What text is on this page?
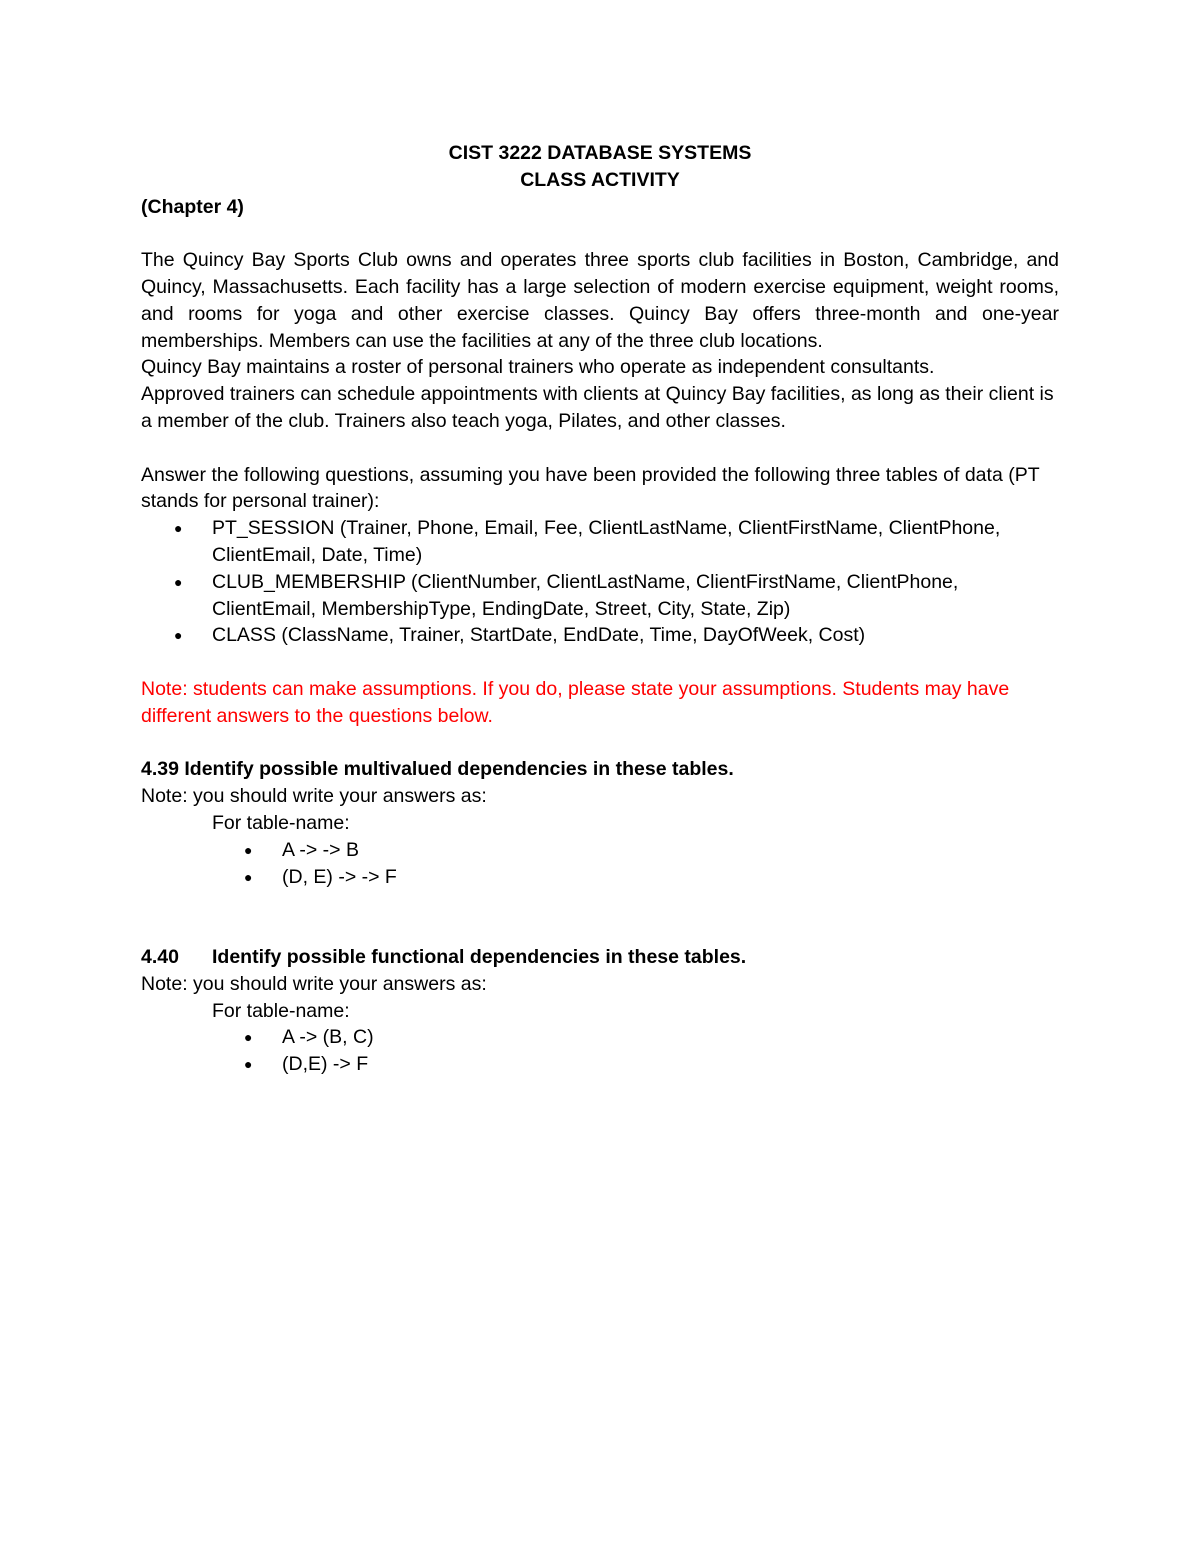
CIST 3222 DATABASE SYSTEMS

CLASS ACTIVITY

(Chapter 4)

The Quincy Bay Sports Club owns and operates three sports club facilities in Boston, Cambridge, and Quincy, Massachusetts. Each facility has a large selection of modern exercise equipment, weight rooms, and rooms for yoga and other exercise classes. Quincy Bay offers three-month and one-year memberships. Members can use the facilities at any of the three club locations.

Quincy Bay maintains a roster of personal trainers who operate as independent consultants.

Approved trainers can schedule appointments with clients at Quincy Bay facilities, as long as their client is a member of the club. Trainers also teach yoga, Pilates, and other classes.

Answer the following questions, assuming you have been provided the following three tables of data (PT stands for personal trainer):

● PT_SESSION (Trainer, Phone, Email, Fee, ClientLastName, ClientFirstName, ClientPhone, ClientEmail, Date, Time)
● CLUB_MEMBERSHIP (ClientNumber, ClientLastName, ClientFirstName, ClientPhone, ClientEmail, MembershipType, EndingDate, Street, City, State, Zip)
● CLASS (ClassName, Trainer, StartDate, EndDate, Time, DayOfWeek, Cost)

Note: students can make assumptions. If you do, please state your assumptions. Students may have different answers to the questions below.

4.39 Identify possible multivalued dependencies in these tables.

Note: you should write your answers as:

For table-name:

● A -> -> B
● (D, E) -> -> F

4.40 Identify possible functional dependencies in these tables.

Note: you should write your answers as:

For table-name:

● A -> (B, C)
● (D,E) -> F
